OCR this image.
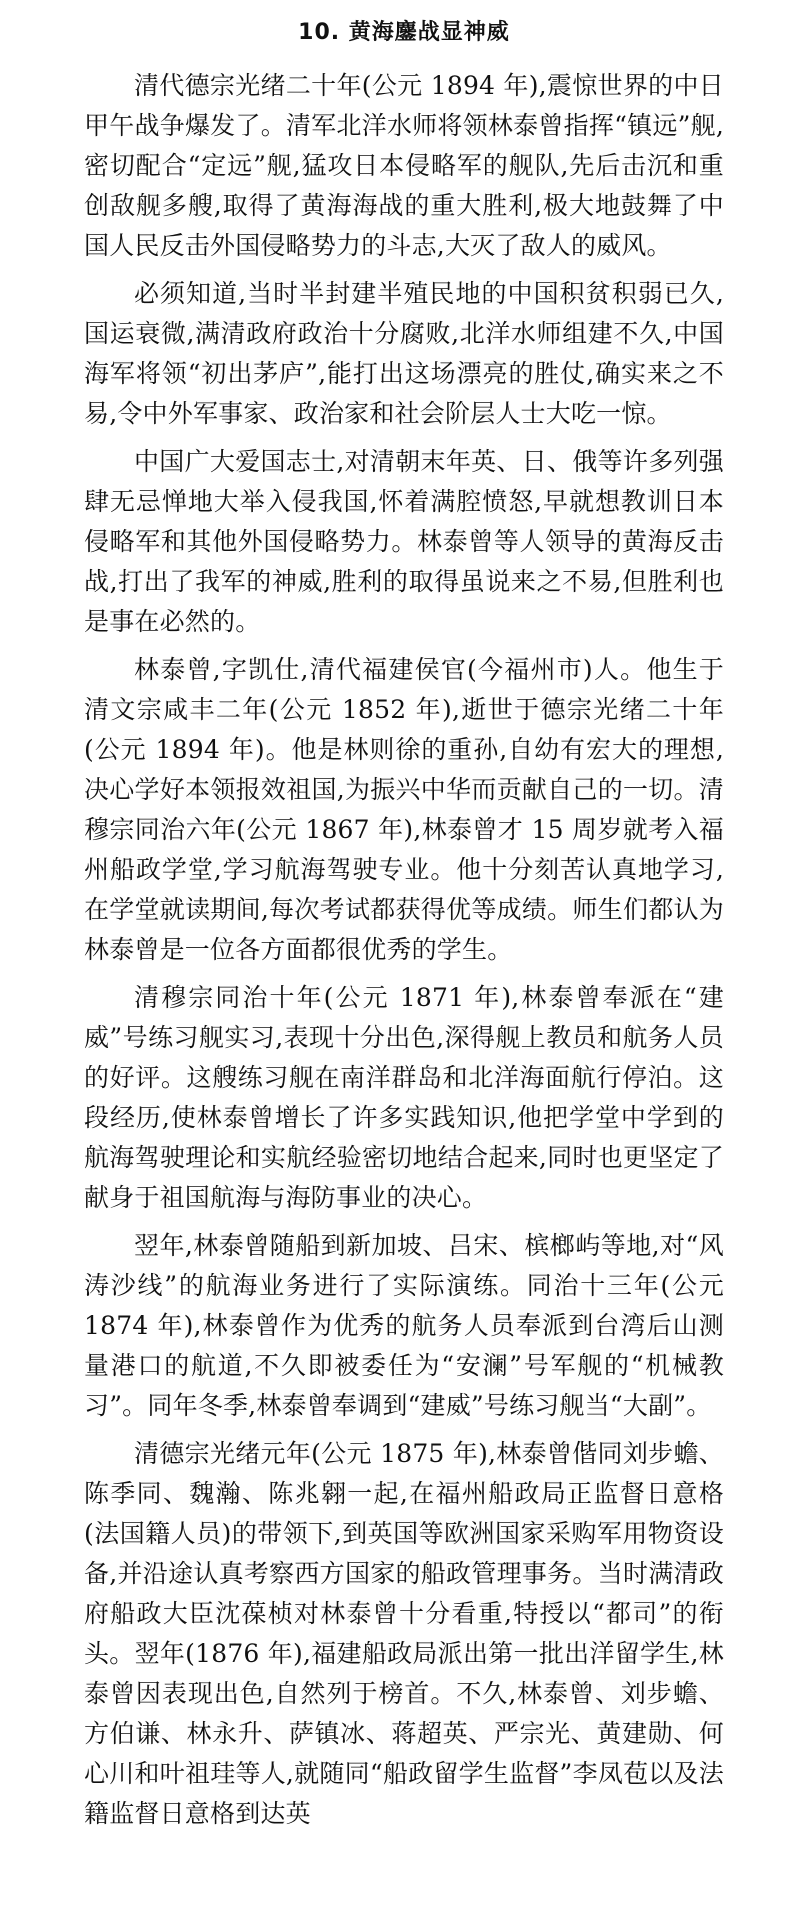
10. 黄海鏖战显神威

清代德宗光绪二十年(公元 1894 年),震惊世界的中日甲午战争爆发了。清军北洋水师将领林泰曾指挥“镇远”舰,密切配合“定远”舰,猛攻日本侵略军的舰队,先后击沉和重创敌舰多艘,取得了黄海海战的重大胜利,极大地鼓舞了中国人民反击外国侵略势力的斗志,大灭了敌人的威风。

必须知道,当时半封建半殖民地的中国积贫积弱已久,国运衰微,满清政府政治十分腐败,北洋水师组建不久,中国海军将领“初出茅庐”,能打出这场漂亮的胜仗,确实来之不易,令中外军事家、政治家和社会阶层人士大吃一惊。

中国广大爱国志士,对清朝末年英、日、俄等许多列强肆无忌惮地大举入侵我国,怀着满腔愤怒,早就想教训日本侵略军和其他外国侵略势力。林泰曾等人领导的黄海反击战,打出了我军的神威,胜利的取得虽说来之不易,但胜利也是事在必然的。

林泰曾,字凯仕,清代福建侯官(今福州市)人。他生于清文宗咸丰二年(公元 1852 年),逝世于德宗光绪二十年(公元 1894 年)。他是林则徐的重孙,自幼有宏大的理想,决心学好本领报效祖国,为振兴中华而贡献自己的一切。清穆宗同治六年(公元 1867 年),林泰曾才 15 周岁就考入福州船政学堂,学习航海驾驶专业。他十分刻苦认真地学习,在学堂就读期间,每次考试都获得优等成绩。师生们都认为林泰曾是一位各方面都很优秀的学生。

清穆宗同治十年(公元 1871 年),林泰曾奉派在“建威”号练习舰实习,表现十分出色,深得舰上教员和航务人员的好评。这艘练习舰在南洋群岛和北洋海面航行停泊。这段经历,使林泰曾增长了许多实践知识,他把学堂中学到的航海驾驶理论和实航经验密切地结合起来,同时也更坚定了献身于祖国航海与海防事业的决心。

翌年,林泰曾随船到新加坡、吕宋、槟榔屿等地,对“风涛沙线”的航海业务进行了实际演练。同治十三年(公元 1874 年),林泰曾作为优秀的航务人员奉派到台湾后山测量港口的航道,不久即被委任为“安澜”号军舰的“机械教习”。同年冬季,林泰曾奉调到“建威”号练习舰当“大副”。

清德宗光绪元年(公元 1875 年),林泰曾偕同刘步蟾、陈季同、魏瀚、陈兆翱一起,在福州船政局正监督日意格(法国籍人员)的带领下,到英国等欧洲国家采购军用物资设备,并沿途认真考察西方国家的船政管理事务。当时满清政府船政大臣沈葆桢对林泰曾十分看重,特授以“都司”的衔头。翌年(1876 年),福建船政局派出第一批出洋留学生,林泰曾因表现出色,自然列于榜首。不久,林泰曾、刘步蟾、方伯谦、林永升、萨镇冰、蒋超英、严宗光、黄建勋、何心川和叶祖珪等人,就随同“船政留学生监督”李凤苞以及法籍监督日意格到达英
